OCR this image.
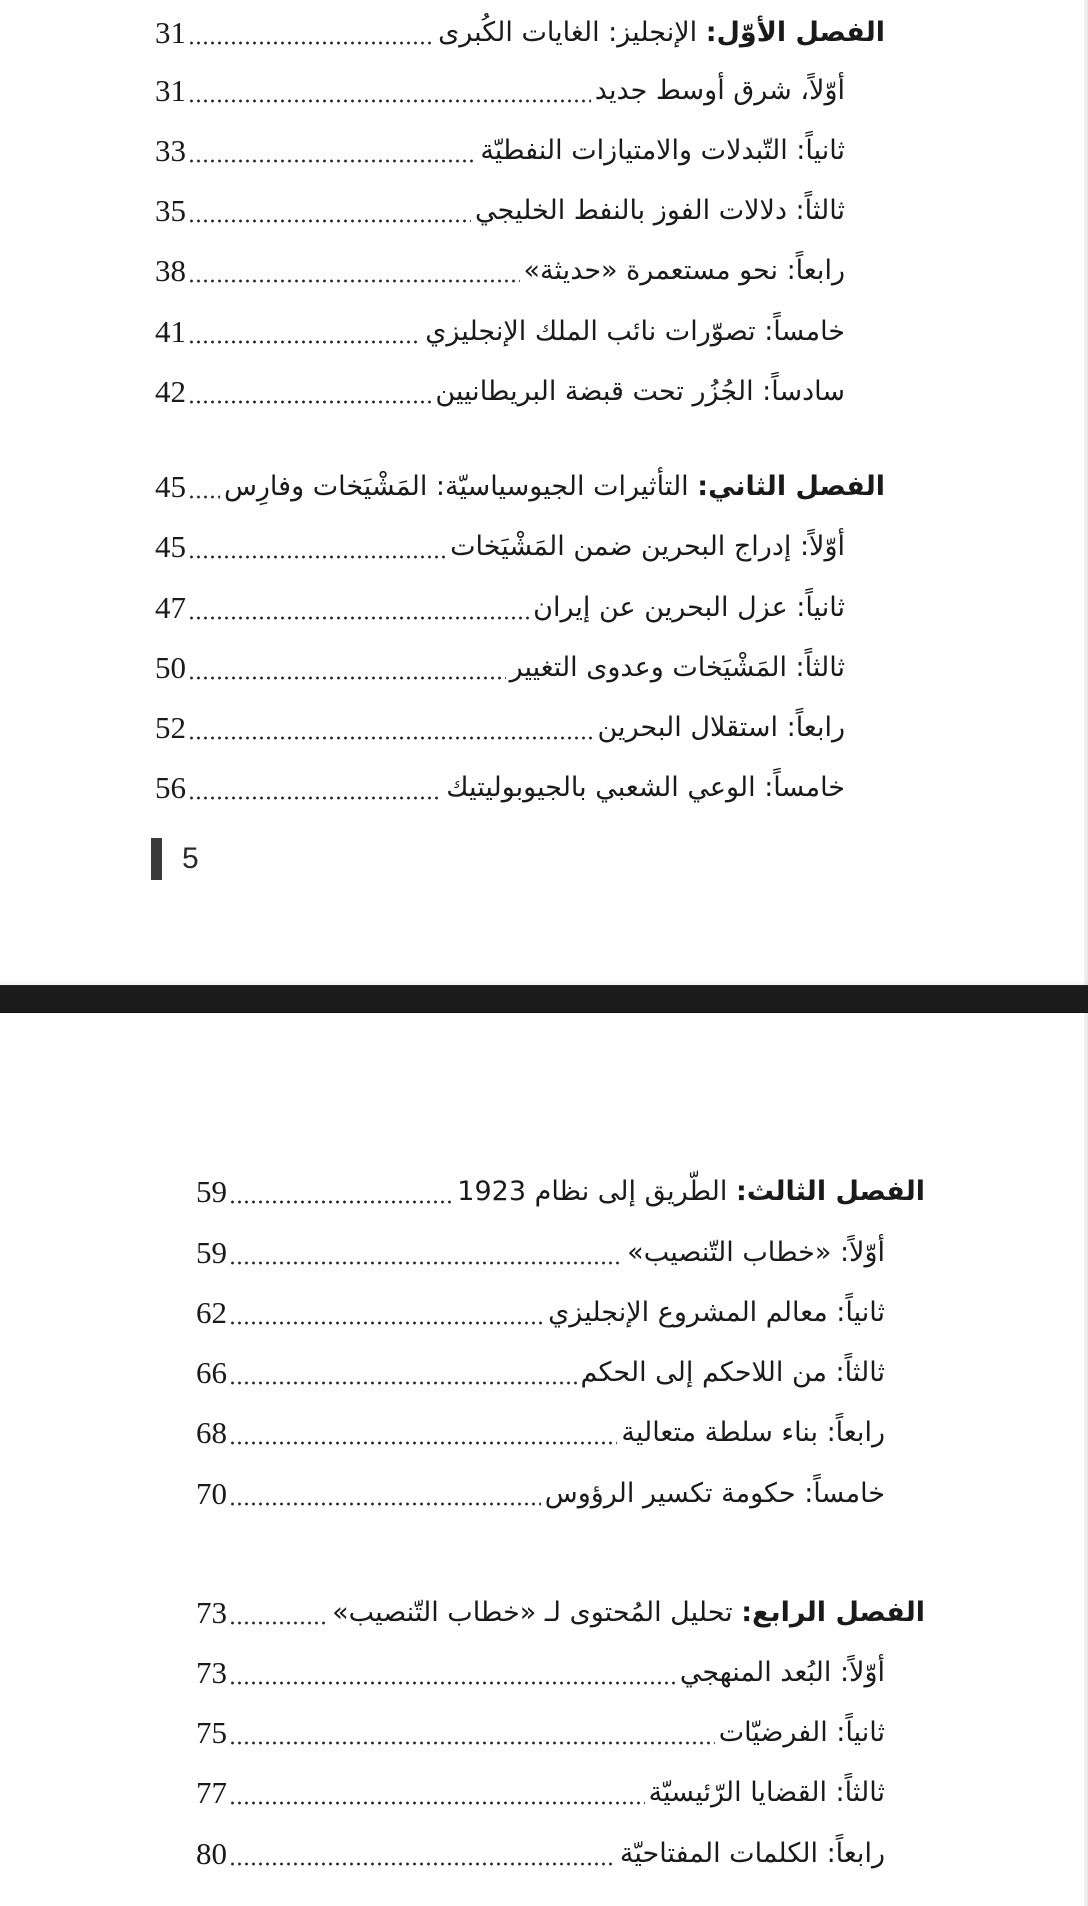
31	الفصل الأوّل: الإنجليز: الغايات الكُبرى
31	أوّلاً، شرق أوسط جديد
33	ثانياً: التّبدلات والامتيازات النفطيّة
35	ثالثاً: دلالات الفوز بالنفط الخليجي
38	رابعاً: نحو مستعمرة «حديثة»
41	خامساً: تصوّرات نائب الملك الإنجليزي
42	سادساً: الجُزُر تحت قبضة البريطانيين
45	الفصل الثاني: التأثيرات الجيوسياسيّة: المَشْيَخات وفارِس
45	أوّلاً: إدراج البحرين ضمن المَشْيَخات
47	ثانياً: عزل البحرين عن إيران
50	ثالثاً: المَشْيَخات وعدوى التغيير
52	رابعاً: استقلال البحرين
56	خامساً: الوعي الشعبي بالجيوبوليتيك
5
59	الفصل الثالث: الطّريق إلى نظام 1923
59	أوّلاً: «خطاب التّنصيب»
62	ثانياً: معالم المشروع الإنجليزي
66	ثالثاً: من اللاحكم إلى الحكم
68	رابعاً: بناء سلطة متعالية
70	خامساً: حكومة تكسير الرؤوس
73	الفصل الرابع: تحليل المُحتوى لـ «خطاب التّنصيب»
73	أوّلاً: البُعد المنهجي
75	ثانياً: الفرضيّات
77	ثالثاً: القضايا الرّئيسيّة
80	رابعاً: الكلمات المفتاحيّة
